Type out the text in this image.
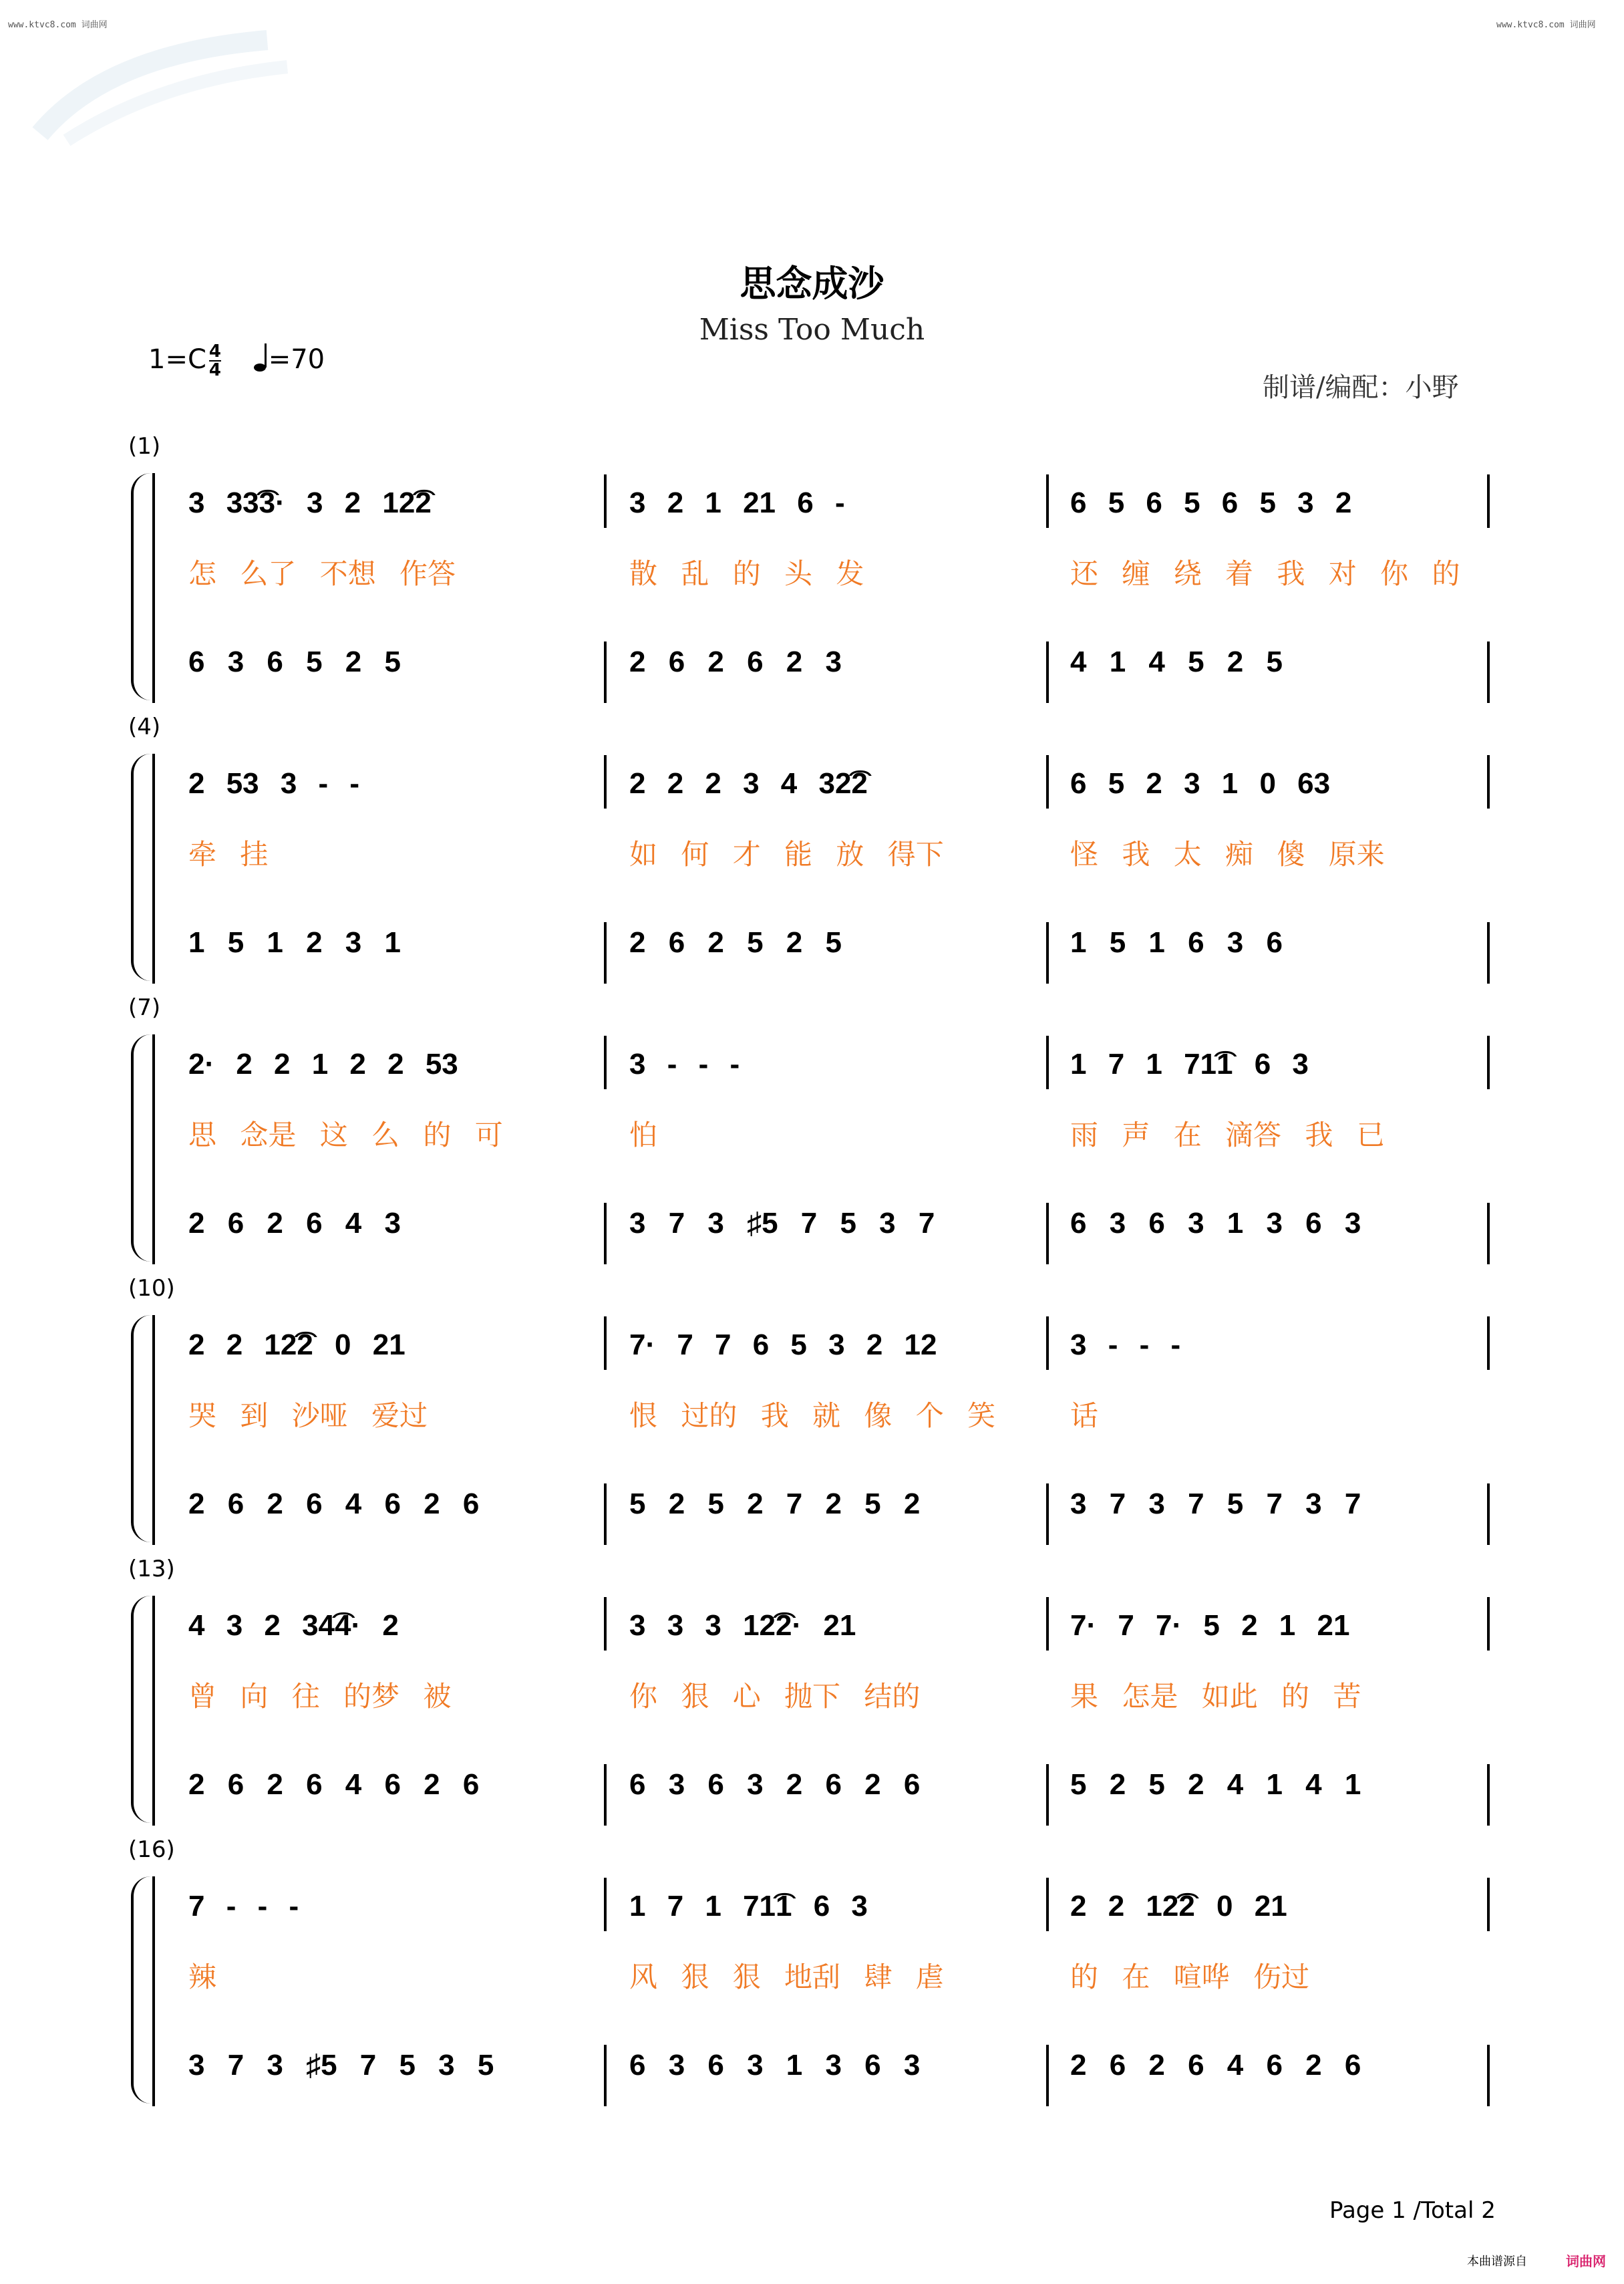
www.ktvc8.com 词曲网	www.ktvc8.com 词曲网
思念成沙
Miss Too Much
$1=C \frac{4}{4} =70$
制谱/编配：小野
(1)
3 33͡3· 3 2 12͡2
怎 么了 不想 作答
6 3 6 5 2 5
3 2 1 21 6 -
散 乱 的 头 发
2 6 2 6 2 3
6 5 6 5 6 5 3 2
还 缠 绕 着 我 对 你 的
4 1 4 5 2 5
(4)
2 53 3 - -
牵 挂
1 5 1 2 3 1
2 2 2 3 4 32͡2
如 何 才 能 放 得下
2 6 2 5 2 5
6 5 2 3 1 0 63
怪 我 太 痴 傻 原来
1 5 1 6 3 6
(7)
2· 2 2 1 2 2 53
思 念是 这 么 的 可
2 6 2 6 4 3
3 - - -
怕
3 7 3 ♯5 7 5 3 7
1 7 1 71͡1 6 3
雨 声 在 滴答 我 已
6 3 6 3 1 3 6 3
(10)
2 2 12͡2 0 21
哭 到 沙哑 爱过
2 6 2 6 4 6 2 6
7· 7 7 6 5 3 2 12
恨 过的 我 就 像 个 笑
5 2 5 2 7 2 5 2
3 - - -
话
3 7 3 7 5 7 3 7
(13)
4 3 2 34͡4· 2
曾 向 往 的梦 被
2 6 2 6 4 6 2 6
3 3 3 12͡2· 21
你 狠 心 抛下 结的
6 3 6 3 2 6 2 6
7· 7 7· 5 2 1 21
果 怎是 如此 的 苦
5 2 5 2 4 1 4 1
(16)
7 - - -
辣
3 7 3 ♯5 7 5 3 5
1 7 1 71͡1 6 3
风 狠 狠 地刮 肆 虐
6 3 6 3 1 3 6 3
2 2 12͡2 0 21
的 在 喧哗 伤过
2 6 2 6 4 6 2 6
Page 1 /Total 2
本曲谱源自	词曲网
